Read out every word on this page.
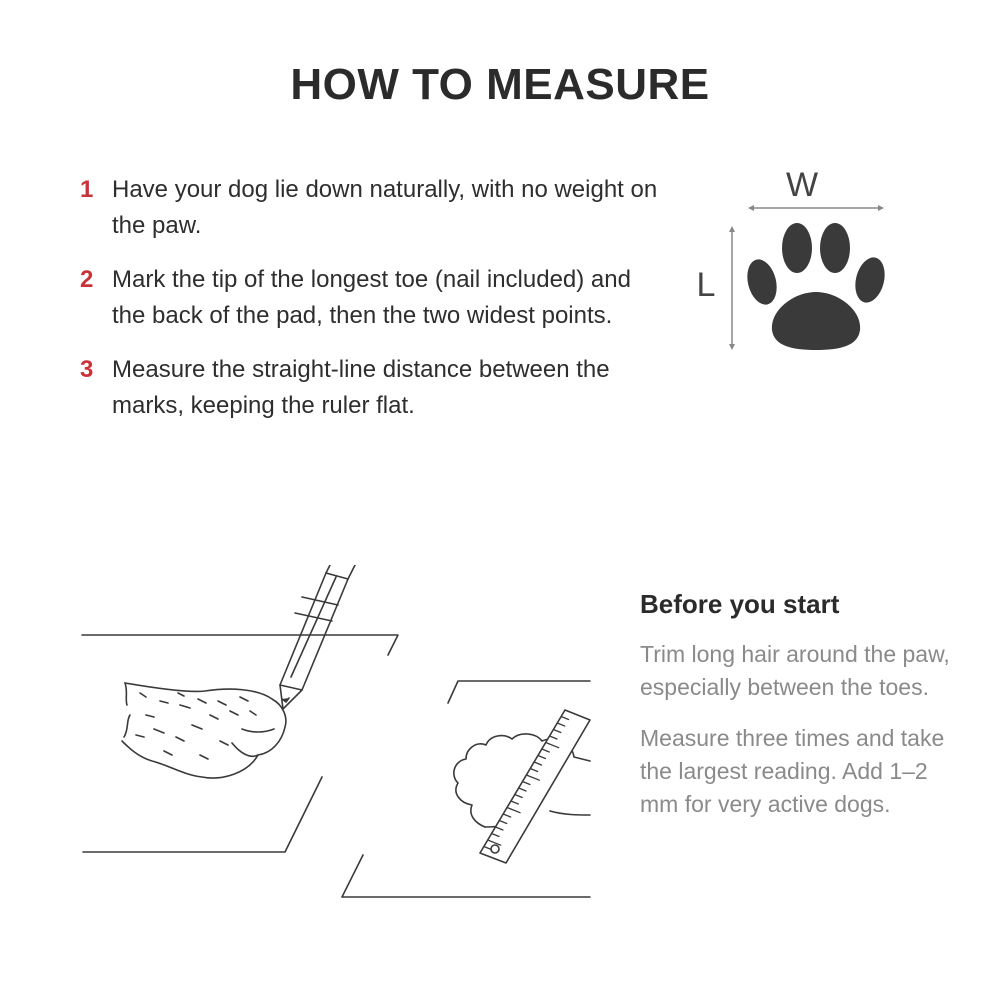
HOW TO MEASURE
1 Have your dog lie down naturally, with no weight on the paw.
2 Mark the tip of the longest toe (nail included) and the back of the pad, then the two widest points.
3 Measure the straight-line distance between the marks, keeping the ruler flat.
W
L
Before you start

Trim long hair around the paw, especially between the toes.

Measure three times and take the largest reading. Add 1–2 mm for very active dogs.
